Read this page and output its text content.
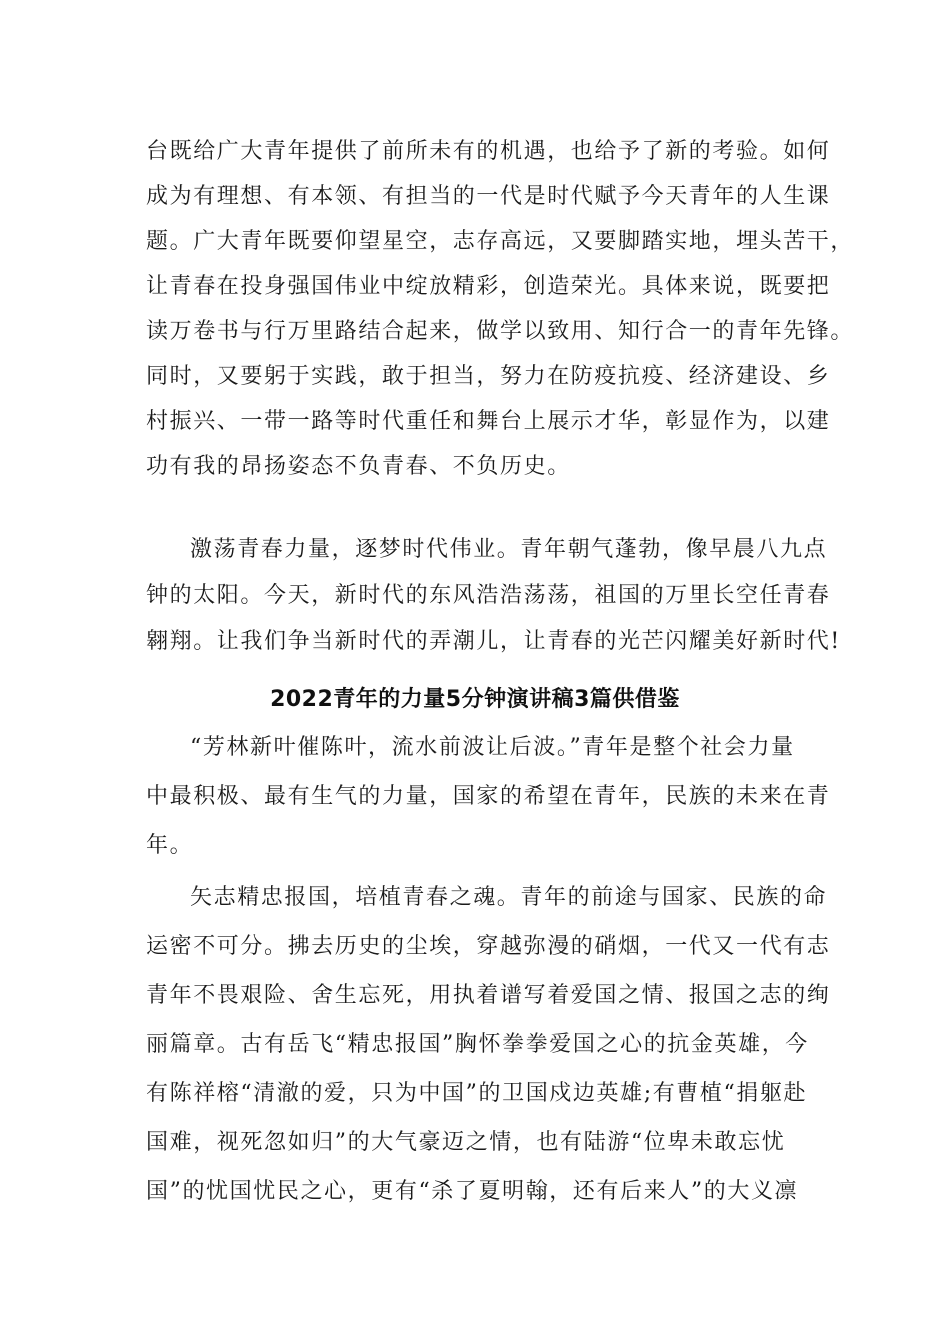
台既给广大青年提供了前所未有的机遇，也给予了新的考验。如何
成为有理想、有本领、有担当的一代是时代赋予今天青年的人生课
题。广大青年既要仰望星空，志存高远，又要脚踏实地，埋头苦干，
让青春在投身强国伟业中绽放精彩，创造荣光。具体来说，既要把
读万卷书与行万里路结合起来，做学以致用、知行合一的青年先锋。
同时，又要躬于实践，敢于担当，努力在防疫抗疫、经济建设、乡
村振兴、一带一路等时代重任和舞台上展示才华，彰显作为，以建
功有我的昂扬姿态不负青春、不负历史。
激荡青春力量，逐梦时代伟业。青年朝气蓬勃，像早晨八九点
钟的太阳。今天，新时代的东风浩浩荡荡，祖国的万里长空任青春
翱翔。让我们争当新时代的弄潮儿，让青春的光芒闪耀美好新时代!
2022青年的力量5分钟演讲稿3篇供借鉴
“芳林新叶催陈叶，流水前波让后波。”青年是整个社会力量
中最积极、最有生气的力量，国家的希望在青年，民族的未来在青
年。
矢志精忠报国，培植青春之魂。青年的前途与国家、民族的命
运密不可分。拂去历史的尘埃，穿越弥漫的硝烟，一代又一代有志
青年不畏艰险、舍生忘死，用执着谱写着爱国之情、报国之志的绚
丽篇章。古有岳飞“精忠报国”胸怀拳拳爱国之心的抗金英雄，今
有陈祥榕“清澈的爱，只为中国”的卫国戍边英雄;有曹植“捐躯赴
国难，视死忽如归”的大气豪迈之情，也有陆游“位卑未敢忘忧
国”的忧国忧民之心，更有“杀了夏明翰，还有后来人”的大义凛
